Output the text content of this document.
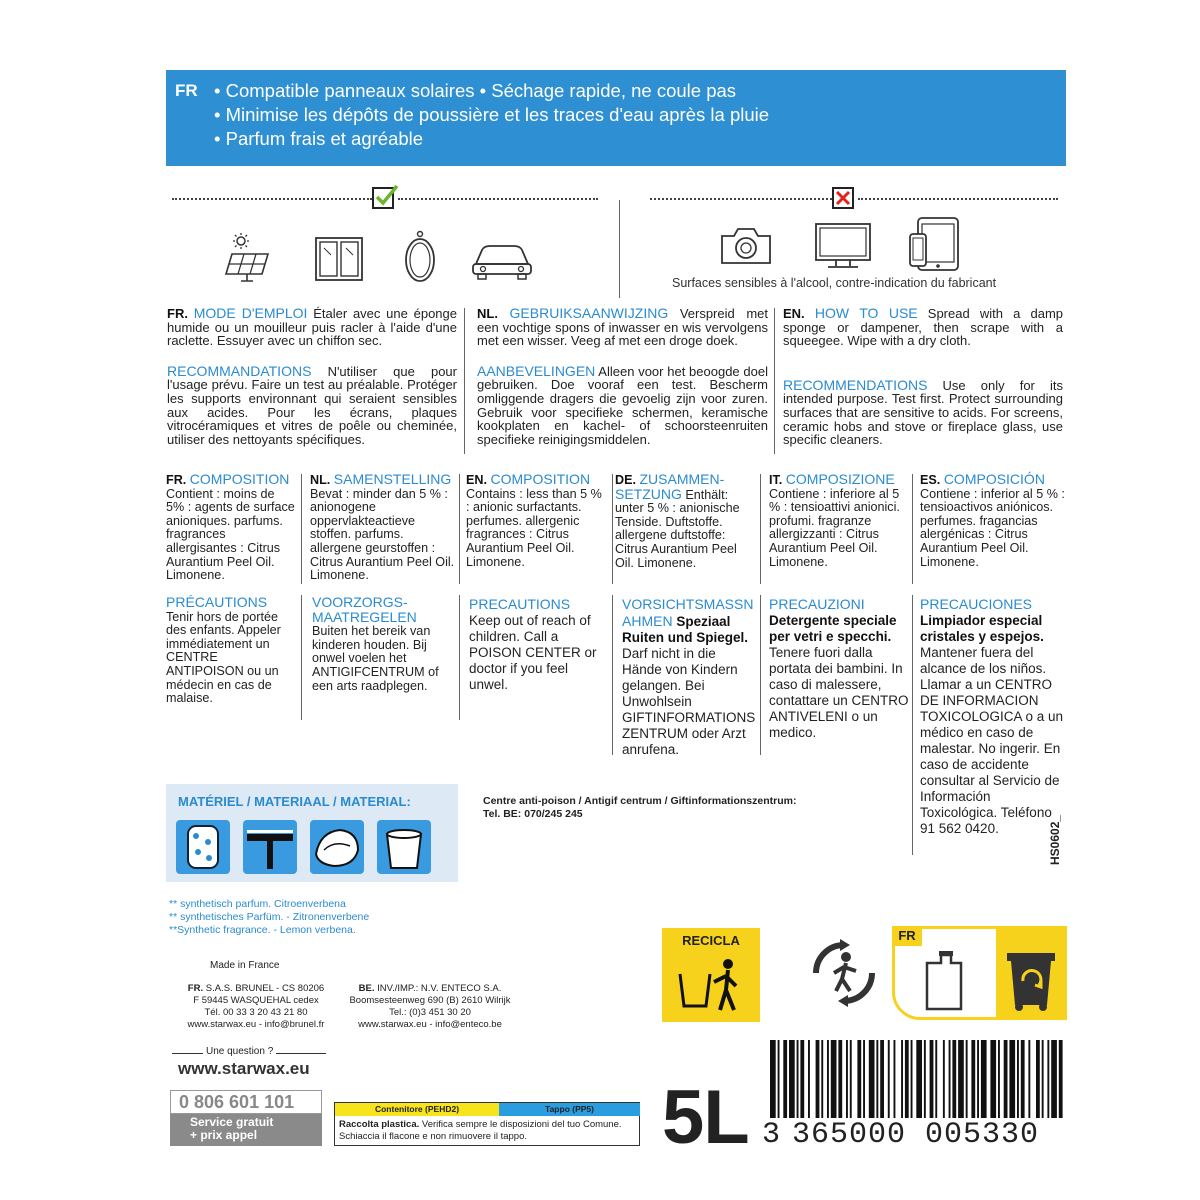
FR • Compatible panneaux solaires • Séchage rapide, ne coule pas
• Minimise les dépôts de poussière et les traces d'eau après la pluie
• Parfum frais et agréable
Surfaces sensibles à l'alcool, contre-indication du fabricant
FR. MODE D'EMPLOI Étaler avec une éponge humide ou un mouilleur puis racler à l'aide d'une raclette. Essuyer avec un chiffon sec.
RECOMMANDATIONS N'utiliser que pour l'usage prévu. Faire un test au préalable. Protéger les supports environnant qui seraient sensibles aux acides. Pour les écrans, plaques vitrocéramiques et vitres de poêle ou cheminée, utiliser des nettoyants spécifiques.
NL. GEBRUIKSAANWIJZING Verspreid met een vochtige spons of inwasser en wis vervolgens met een wisser. Veeg af met een droge doek.
AANBEVELINGEN Alleen voor het beoogde doel gebruiken. Doe vooraf een test. Bescherm omliggende dragers die gevoelig zijn voor zuren. Gebruik voor specifieke schermen, keramische kookplaten en kachel- of schoorsteenruiten specifieke reinigingsmiddelen.
EN. HOW TO USE Spread with a damp sponge or dampener, then scrape with a squeegee. Wipe with a dry cloth.
RECOMMENDATIONS Use only for its intended purpose. Test first. Protect surrounding surfaces that are sensitive to acids. For screens, ceramic hobs and stove or fireplace glass, use specific cleaners.
FR. COMPOSITION
Contient : moins de 5% : agents de surface anioniques. parfums. fragrances allergisantes : Citrus Aurantium Peel Oil. Limonene.
NL. SAMENSTELLING
Bevat : minder dan 5 % : anionogene oppervlakteactieve stoffen. parfums. allergene geurstoffen : Citrus Aurantium Peel Oil. Limonene.
EN. COMPOSITION
Contains : less than 5 % : anionic surfactants. perfumes. allergenic fragrances : Citrus Aurantium Peel Oil. Limonene.
DE. ZUSAMMEN-SETZUNG Enthält: unter 5 % : anionische Tenside. Duftstoffe. allergene duftstoffe: Citrus Aurantium Peel Oil. Limonene.
IT. COMPOSIZIONE
Contiene : inferiore al 5 % : tensioattivi anionici. profumi. fragranze allergizzanti : Citrus Aurantium Peel Oil. Limonene.
ES. COMPOSICIÓN
Contiene : inferior al 5 % : tensioactivos aniónicos. perfumes. fragancias alergénicas : Citrus Aurantium Peel Oil. Limonene.
PRÉCAUTIONS
Tenir hors de portée des enfants. Appeler immédiatement un CENTRE ANTIPOISON ou un médecin en cas de malaise.
VOORZORGS-MAATREGELEN
Buiten het bereik van kinderen houden. Bij onwel voelen het ANTIGIFCENTRUM of een arts raadplegen.
PRECAUTIONS
Keep out of reach of children. Call a POISON CENTER or doctor if you feel unwel.
VORSICHTSMASSN AHMEN Speziaal Ruiten und Spiegel.
Darf nicht in die Hände von Kindern gelangen. Bei Unwohlsein GIFTINFORMATIONS ZENTRUM oder Arzt anrufena.
PRECAUZIONI
Detergente speciale per vetri e specchi.
Tenere fuori dalla portata dei bambini. In caso di malessere, contattare un CENTRO ANTIVELENI o un medico.
PRECAUCIONES
Limpiador especial cristales y espejos.
Mantener fuera del alcance de los niños. Llamar a un CENTRO DE INFORMACION TOXICOLOGICA o a un médico en caso de malestar. No ingerir. En caso de accidente consultar al Servicio de Información Toxicológica. Teléfono 91 562 0420.
MATÉRIEL / MATERIAAL / MATERIAL:	Centre anti-poison / Antigif centrum / Giftinformationszentrum:
Tel. BE: 070/245 245
** synthetisch parfum. Citroenverbena
** synthetisches Parfüm. - Zitronenverbene
**Synthetic fragrance. - Lemon verbena.
Made in France
FR. S.A.S. BRUNEL - CS 80206
F 59445 WASQUEHAL cedex
Tél. 00 33 3 20 43 21 80
www.starwax.eu - info@brunel.fr
BE. INV./IMP.: N.V. ENTECO S.A.
Boomsesteenweg 690 (B) 2610 Wilrijk
Tel.: (0)3 451 30 20
www.starwax.eu - info@enteco.be
Une question ?
www.starwax.eu
0 806 601 101
Service gratuit
+ prix appel
Contenitore (PEHD2)	Tappo (PP5)
Raccolta plastica. Verifica sempre le disposizioni del tuo Comune. Schiaccia il flacone e non rimuovere il tappo.	5L
RECICLA	FR
HS0602_
3 365000 005330
